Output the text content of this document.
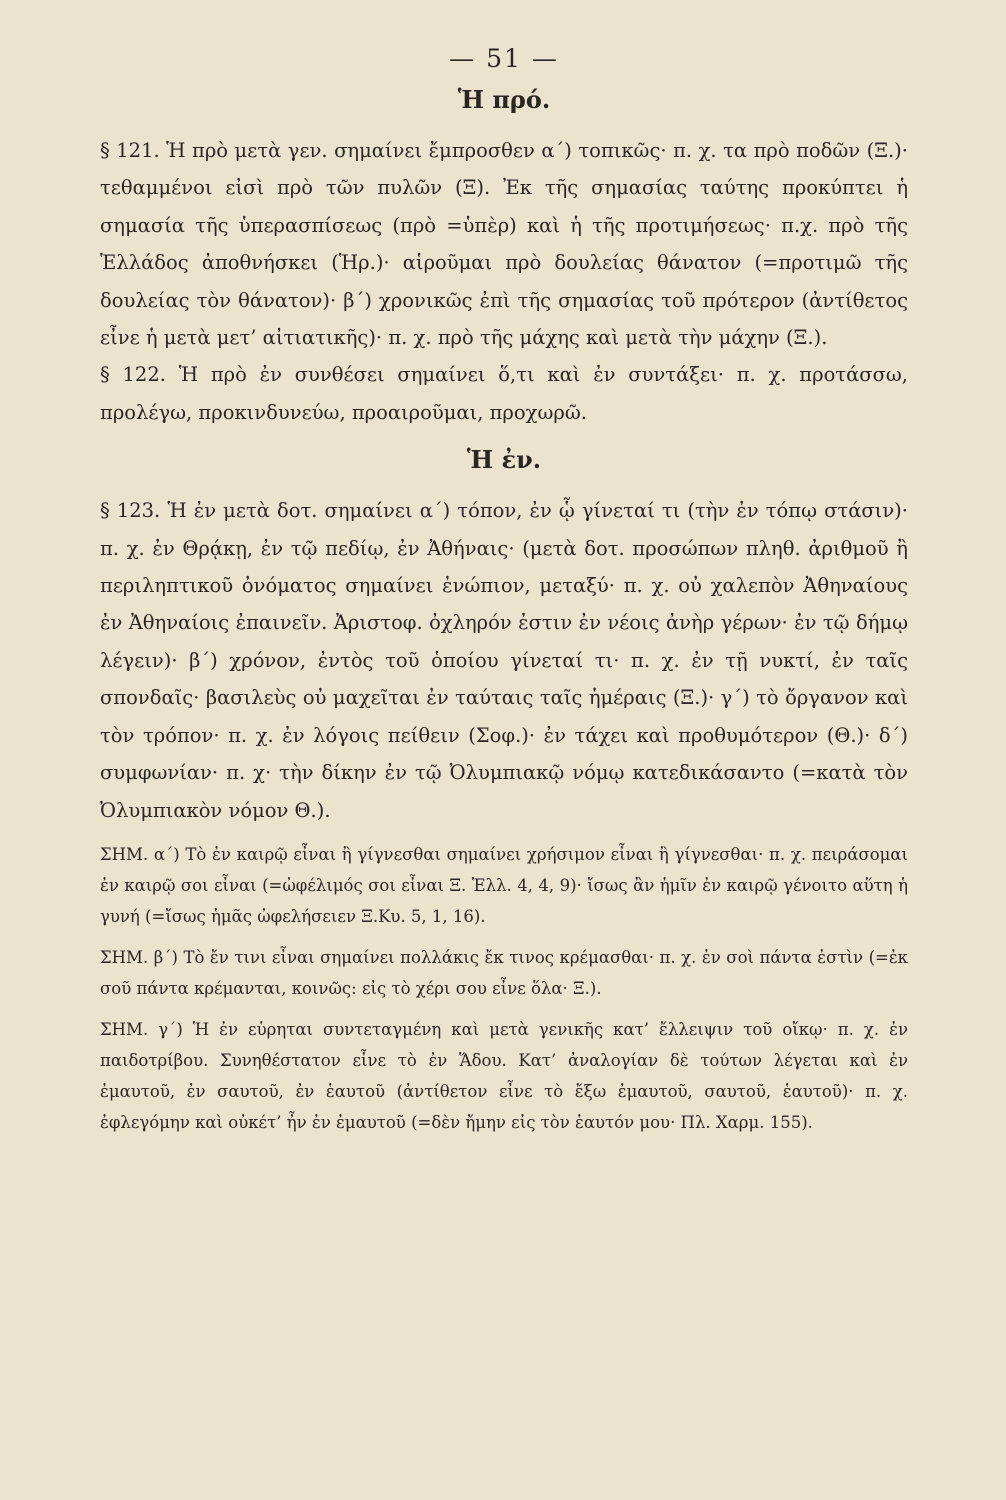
— 51 —
Ἡ πρό.

§ 121. Ἡ πρὸ μετὰ γεν. σημαίνει ἔμπροσθεν α΄) τοπικῶς· π. χ. τα πρὸ ποδῶν (Ξ.)· τεθαμμένοι εἰσὶ πρὸ τῶν πυλῶν (Ξ). Ἐκ τῆς σημασίας ταύτης προκύπτει ἡ σημασία τῆς ὑπερασπίσεως (πρὸ =ὑπὲρ) καὶ ἡ τῆς προτιμήσεως· π.χ. πρὸ τῆς Ἑλλάδος ἀποθνήσκει (Ἡρ.)· αἱροῦμαι πρὸ δουλείας θάνατον (=προτιμῶ τῆς δουλείας τὸν θάνατον)· β΄) χρονικῶς ἐπὶ τῆς σημασίας τοῦ πρότερον (ἀντίθετος εἶνε ἡ μετὰ μετ’ αἰτιατικῆς)· π. χ. πρὸ τῆς μάχης καὶ μετὰ τὴν μάχην (Ξ.).

§ 122. Ἡ πρὸ ἐν συνθέσει σημαίνει ὅ,τι καὶ ἐν συντάξει· π. χ. προτάσσω, προλέγω, προκινδυνεύω, προαιροῦμαι, προχωρῶ.

Ἡ ἐν.

§ 123. Ἡ ἐν μετὰ δοτ. σημαίνει α΄) τόπον, ἐν ᾧ γίνεταί τι (τὴν ἐν τόπῳ στάσιν)· π. χ. ἐν Θρᾴκῃ, ἐν τῷ πεδίῳ, ἐν Ἀθήναις· (μετὰ δοτ. προσώπων πληθ. ἀριθμοῦ ἢ περιληπτικοῦ ὀνόματος σημαίνει ἐνώπιον, μεταξύ· π. χ. οὐ χαλεπὸν Ἀθηναίους ἐν Ἀθηναίοις ἐπαινεῖν. Ἀριστοφ. ὀχληρόν ἐστιν ἐν νέοις ἀνὴρ γέρων· ἐν τῷ δήμῳ λέγειν)· β΄) χρόνον, ἐντὸς τοῦ ὁποίου γίνεταί τι· π. χ. ἐν τῇ νυκτί, ἐν ταῖς σπονδαῖς· βασιλεὺς οὐ μαχεῖται ἐν ταύταις ταῖς ἡμέραις (Ξ.)· γ΄) τὸ ὄργανον καὶ τὸν τρόπον· π. χ. ἐν λόγοις πείθειν (Σοφ.)· ἐν τάχει καὶ προθυμότερον (Θ.)· δ΄) συμφωνίαν· π. χ· τὴν δίκην ἐν τῷ Ὀλυμπιακῷ νόμῳ κατεδικάσαντο (=κατὰ τὸν Ὀλυμπιακὸν νόμον Θ.).

ΣΗΜ. α΄) Τὸ ἐν καιρῷ εἶναι ἢ γίγνεσθαι σημαίνει χρήσιμον εἶναι ἢ γίγνεσθαι· π. χ. πειράσομαι ἐν καιρῷ σοι εἶναι (=ὠφέλιμός σοι εἶναι Ξ. Ἑλλ. 4, 4, 9)· ἴσως ἂν ἡμῖν ἐν καιρῷ γένοιτο αὕτη ἡ γυνή (=ἴσως ἡμᾶς ὠφελήσειεν Ξ.Κυ. 5, 1, 16).

ΣΗΜ. β΄) Τὸ ἔν τινι εἶναι σημαίνει πολλάκις ἔκ τινος κρέμασθαι· π. χ. ἐν σοὶ πάντα ἐστὶν (=ἐκ σοῦ πάντα κρέμανται, κοινῶς: εἰς τὸ χέρι σου εἶνε ὅλα· Ξ.).

ΣΗΜ. γ΄) Ἡ ἐν εὑρηται συντεταγμένη καὶ μετὰ γενικῆς κατ’ ἔλλειψιν τοῦ οἴκῳ· π. χ. ἐν παιδοτρίβου. Συνηθέστατον εἶνε τὸ ἐν Ἅδου. Κατ’ ἀναλογίαν δὲ τούτων λέγεται καὶ ἐν ἐμαυτοῦ, ἐν σαυτοῦ, ἐν ἑαυτοῦ (ἀντίθετον εἶνε τὸ ἔξω ἐμαυτοῦ, σαυτοῦ, ἑαυτοῦ)· π. χ. ἐφλεγόμην καὶ οὐκέτ’ ἦν ἐν ἐμαυτοῦ (=δὲν ἤμην εἰς τὸν ἑαυτόν μου· Πλ. Χαρμ. 155).
